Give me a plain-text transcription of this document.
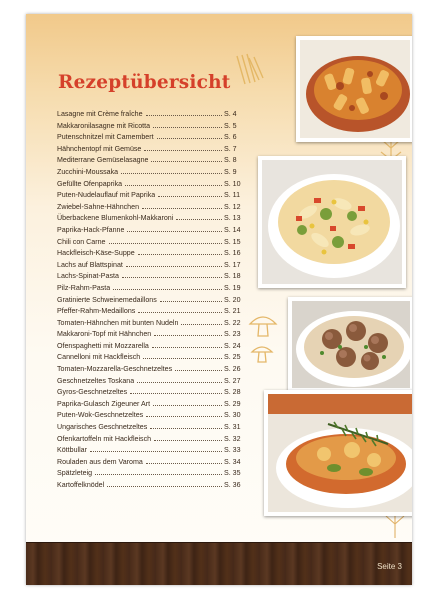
Rezeptübersicht
Lasagne mit Crème fraîche	S. 4
Makkaronilasagne mit Ricotta	S. 5
Putenschnitzel mit Camembert	S. 6
Hähnchentopf mit Gemüse	S. 7
Mediterrane Gemüselasagne	S. 8
Zucchini-Moussaka	S. 9
Gefüllte Ofenpaprika	S. 10
Puten-Nudelauflauf mit Paprika	S. 11
Zwiebel-Sahne-Hähnchen	S. 12
Überbackene Blumenkohl-Makkaroni	S. 13
Paprika-Hack-Pfanne	S. 14
Chili con Carne	S. 15
Hackfleisch-Käse-Suppe	S. 16
Lachs auf Blattspinat	S. 17
Lachs-Spinat-Pasta	S. 18
Pilz-Rahm-Pasta	S. 19
Gratinierte Schweinemedaillons	S. 20
Pfeffer-Rahm-Medaillons	S. 21
Tomaten-Hähnchen mit bunten Nudeln	S. 22
Makkaroni-Topf mit Hähnchen	S. 23
Ofenspaghetti mit Mozzarella	S. 24
Cannelloni mit Hackfleisch	S. 25
Tomaten-Mozzarella-Geschnetzeltes	S. 26
Geschnetzeltes Toskana	S. 27
Gyros-Geschnetzeltes	S. 28
Paprika-Gulasch Zigeuner Art	S. 29
Puten-Wok-Geschnetzeltes	S. 30
Ungarisches Geschnetzeltes	S. 31
Ofenkartoffeln mit Hackfleisch	S. 32
Köttbullar	S. 33
Rouladen aus dem Varoma	S. 34
Spätzleteig	S. 35
Kartoffelknödel	S. 36
Seite 3
